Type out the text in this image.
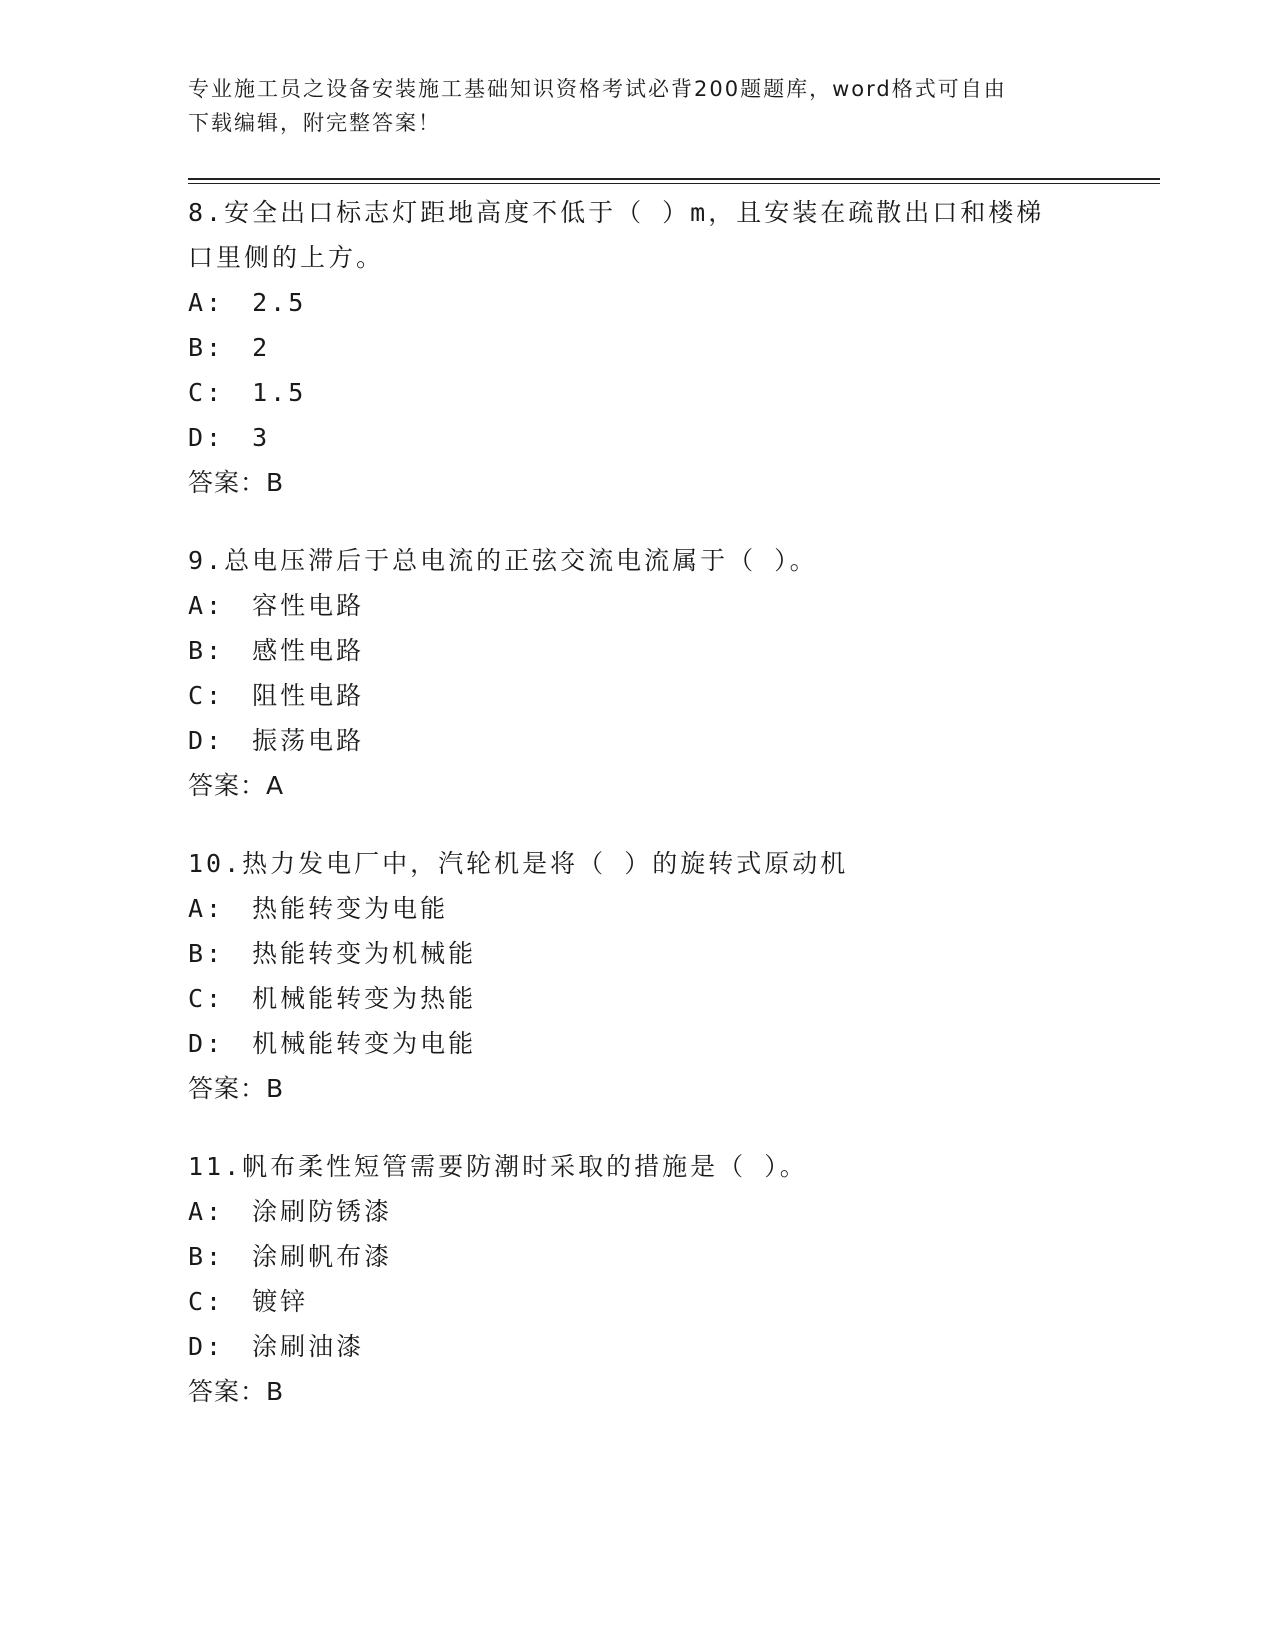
专业施工员之设备安装施工基础知识资格考试必背200题题库，word格式可自由
下载编辑，附完整答案！
8.安全出口标志灯距地高度不低于（ ）m，且安装在疏散出口和楼梯
口里侧的上方。
A: 2.5
B: 2
C: 1.5
D: 3
答案：B
9.总电压滞后于总电流的正弦交流电流属于（ ）。
A: 容性电路
B: 感性电路
C: 阻性电路
D: 振荡电路
答案：A
10.热力发电厂中，汽轮机是将（ ）的旋转式原动机
A: 热能转变为电能
B: 热能转变为机械能
C: 机械能转变为热能
D: 机械能转变为电能
答案：B
11.帆布柔性短管需要防潮时采取的措施是（ ）。
A: 涂刷防锈漆
B: 涂刷帆布漆
C: 镀锌
D: 涂刷油漆
答案：B
